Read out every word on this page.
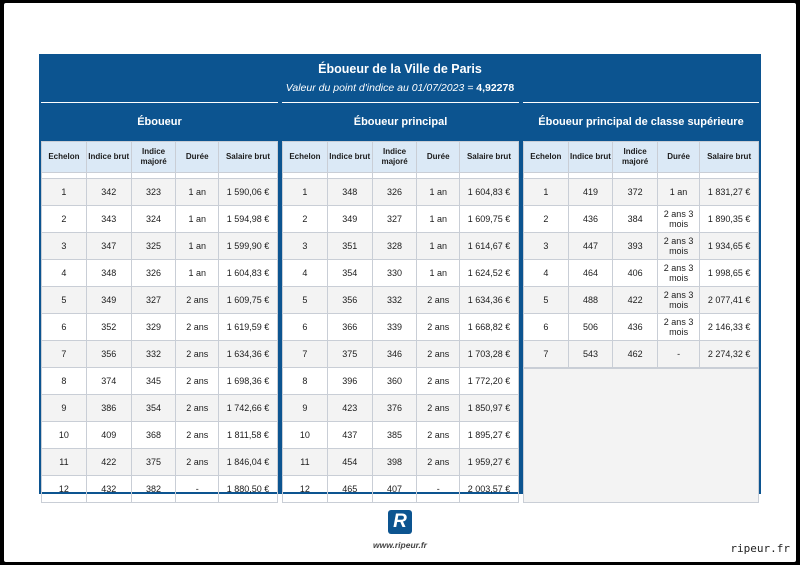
Éboueur de la Ville de Paris
Valeur du point d'indice au 01/07/2023 = 4,92278
Éboueur
Echelon	Indice brut	Indice majoré	Durée	Salaire brut

1	342	323	1 an	1 590,06 €
2	343	324	1 an	1 594,98 €
3	347	325	1 an	1 599,90 €
4	348	326	1 an	1 604,83 €
5	349	327	2 ans	1 609,75 €
6	352	329	2 ans	1 619,59 €
7	356	332	2 ans	1 634,36 €
8	374	345	2 ans	1 698,36 €
9	386	354	2 ans	1 742,66 €
10	409	368	2 ans	1 811,58 €
11	422	375	2 ans	1 846,04 €
12	432	382	-	1 880,50 €
Éboueur principal
Echelon	Indice brut	Indice majoré	Durée	Salaire brut

1	348	326	1 an	1 604,83 €
2	349	327	1 an	1 609,75 €
3	351	328	1 an	1 614,67 €
4	354	330	1 an	1 624,52 €
5	356	332	2 ans	1 634,36 €
6	366	339	2 ans	1 668,82 €
7	375	346	2 ans	1 703,28 €
8	396	360	2 ans	1 772,20 €
9	423	376	2 ans	1 850,97 €
10	437	385	2 ans	1 895,27 €
11	454	398	2 ans	1 959,27 €
12	465	407	-	2 003,57 €
Éboueur principal de classe supérieure
Echelon	Indice brut	Indice majoré	Durée	Salaire brut

1	419	372	1 an	1 831,27 €
2	436	384	2 ans 3 mois	1 890,35 €
3	447	393	2 ans 3 mois	1 934,65 €
4	464	406	2 ans 3 mois	1 998,65 €
5	488	422	2 ans 3 mois	2 077,41 €
6	506	436	2 ans 3 mois	2 146,33 €
7	543	462	-	2 274,32 €
R
www.ripeur.fr	ripeur.fr
